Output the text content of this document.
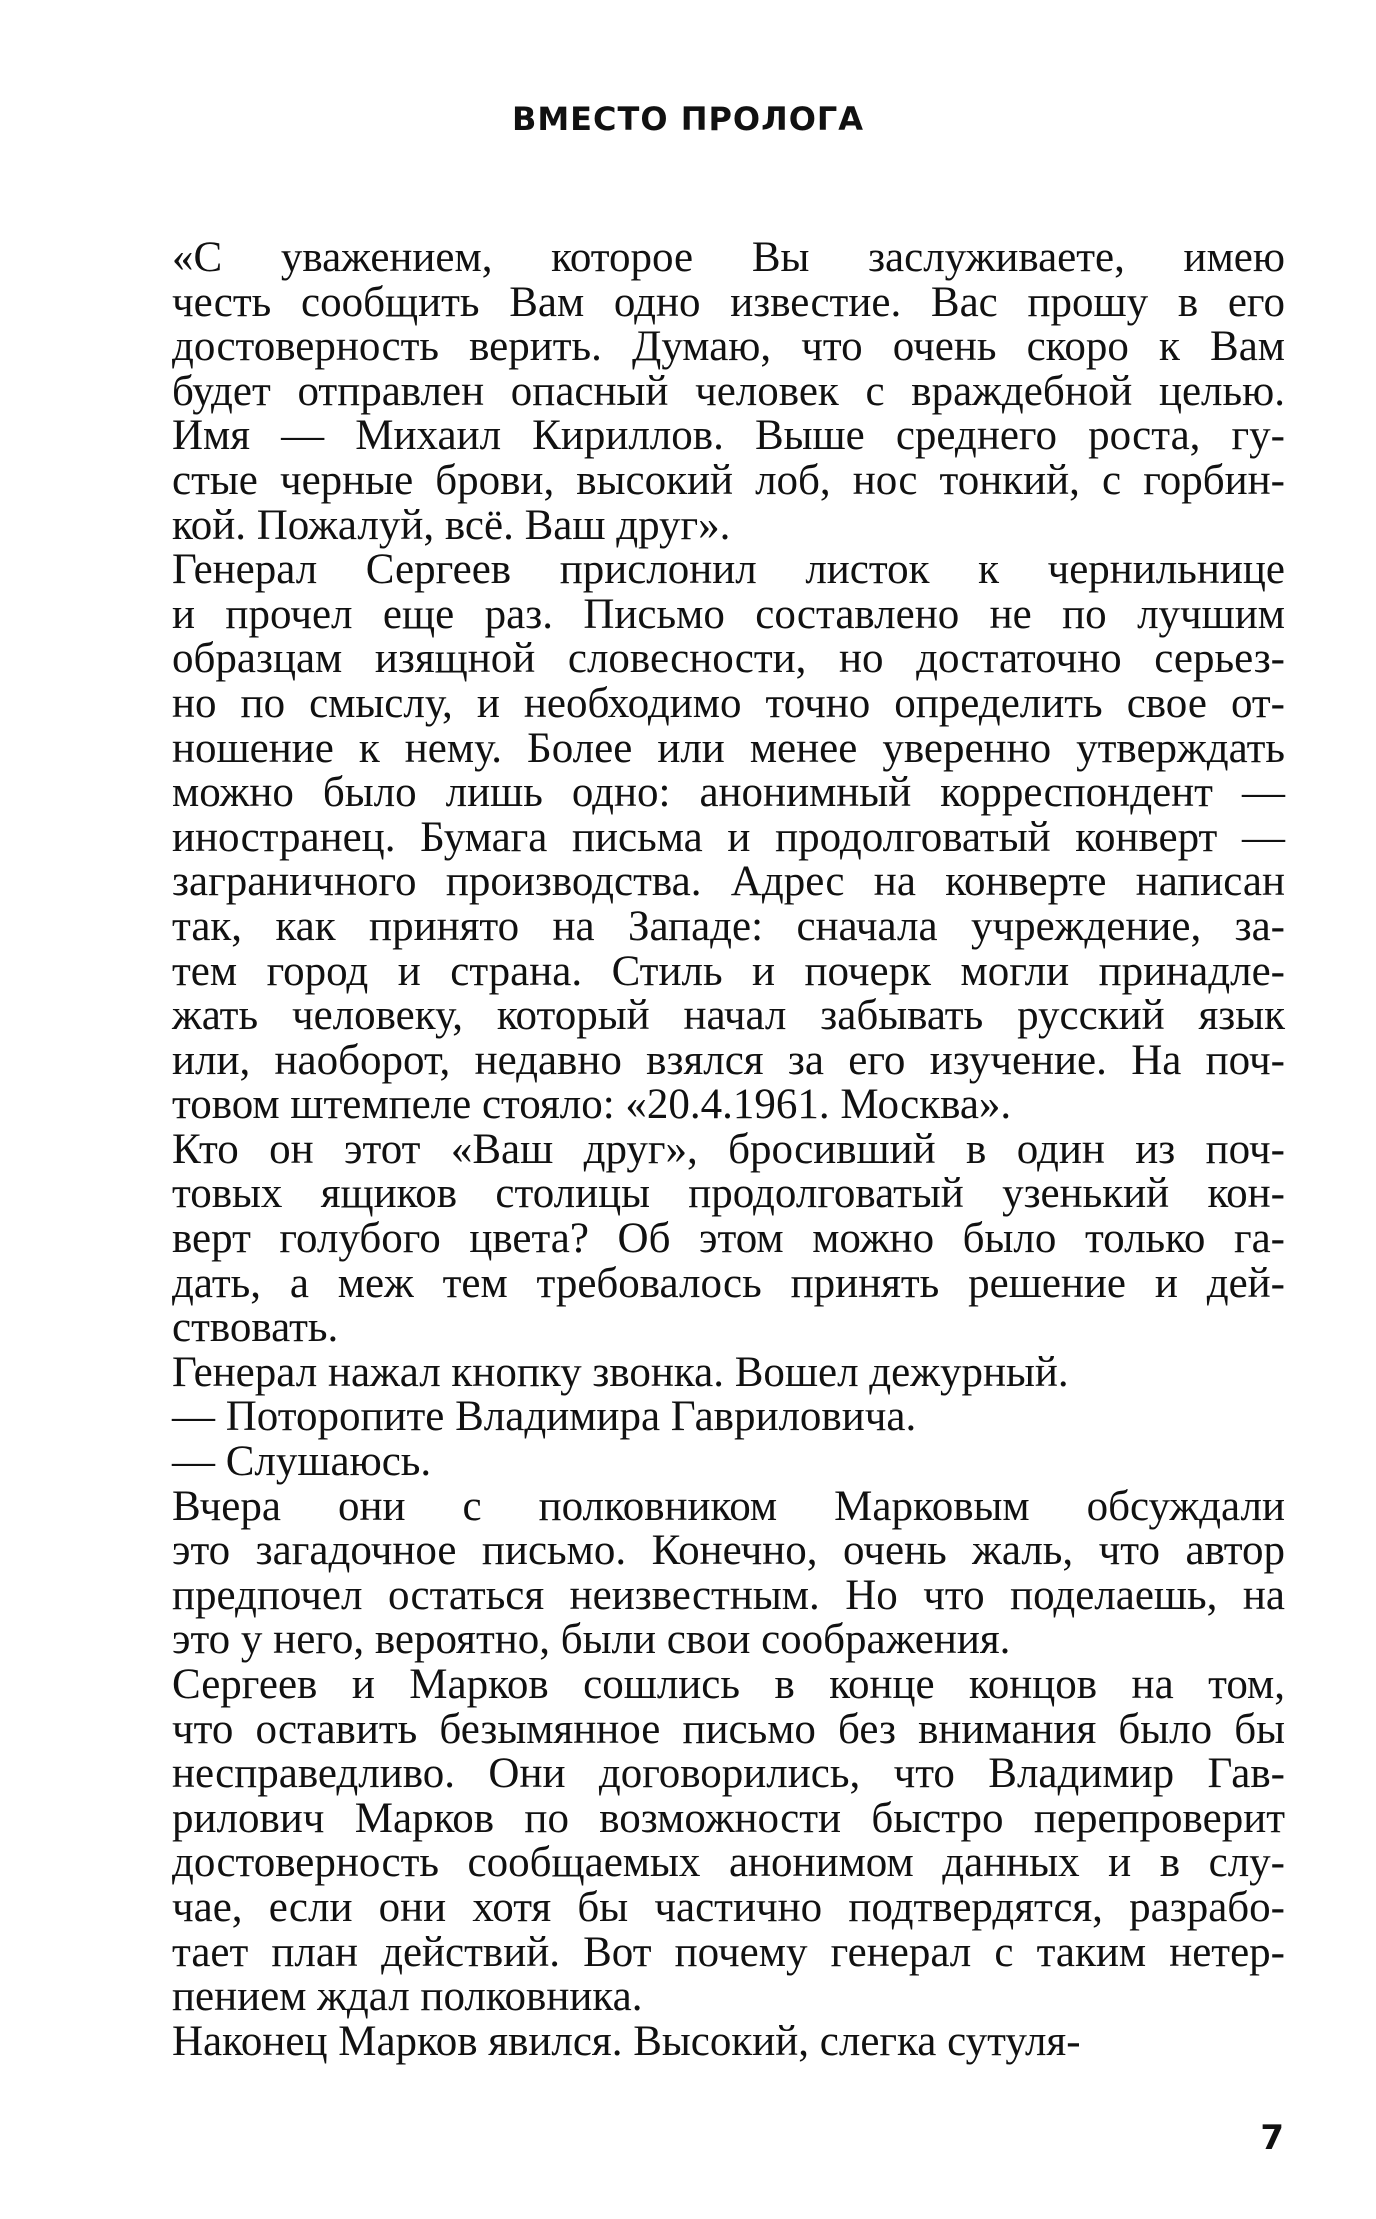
ВМЕСТО ПРОЛОГА
«С уважением, которое Вы заслуживаете, имею
честь сообщить Вам одно известие. Вас прошу в его
достоверность верить. Думаю, что очень скоро к Вам
будет отправлен опасный человек с враждебной целью.
Имя — Михаил Кириллов. Выше среднего роста, гу-
стые черные брови, высокий лоб, нос тонкий, с горбин-
кой. Пожалуй, всё. Ваш друг».
Генерал Сергеев прислонил листок к чернильнице
и прочел еще раз. Письмо составлено не по лучшим
образцам изящной словесности, но достаточно серьез-
но по смыслу, и необходимо точно определить свое от-
ношение к нему. Более или менее уверенно утверждать
можно было лишь одно: анонимный корреспондент —
иностранец. Бумага письма и продолговатый конверт —
заграничного производства. Адрес на конверте написан
так, как принято на Западе: сначала учреждение, за-
тем город и страна. Стиль и почерк могли принадле-
жать человеку, который начал забывать русский язык
или, наоборот, недавно взялся за его изучение. На поч-
товом штемпеле стояло: «20.4.1961. Москва».
Кто он этот «Ваш друг», бросивший в один из поч-
товых ящиков столицы продолговатый узенький кон-
верт голубого цвета? Об этом можно было только га-
дать, а меж тем требовалось принять решение и дей-
ствовать.
Генерал нажал кнопку звонка. Вошел дежурный.
— Поторопите Владимира Гавриловича.
— Слушаюсь.
Вчера они с полковником Марковым обсуждали
это загадочное письмо. Конечно, очень жаль, что автор
предпочел остаться неизвестным. Но что поделаешь, на
это у него, вероятно, были свои соображения.
Сергеев и Марков сошлись в конце концов на том,
что оставить безымянное письмо без внимания было бы
несправедливо. Они договорились, что Владимир Гав-
рилович Марков по возможности быстро перепроверит
достоверность сообщаемых анонимом данных и в слу-
чае, если они хотя бы частично подтвердятся, разрабо-
тает план действий. Вот почему генерал с таким нетер-
пением ждал полковника.
Наконец Марков явился. Высокий, слегка сутуля-
7
